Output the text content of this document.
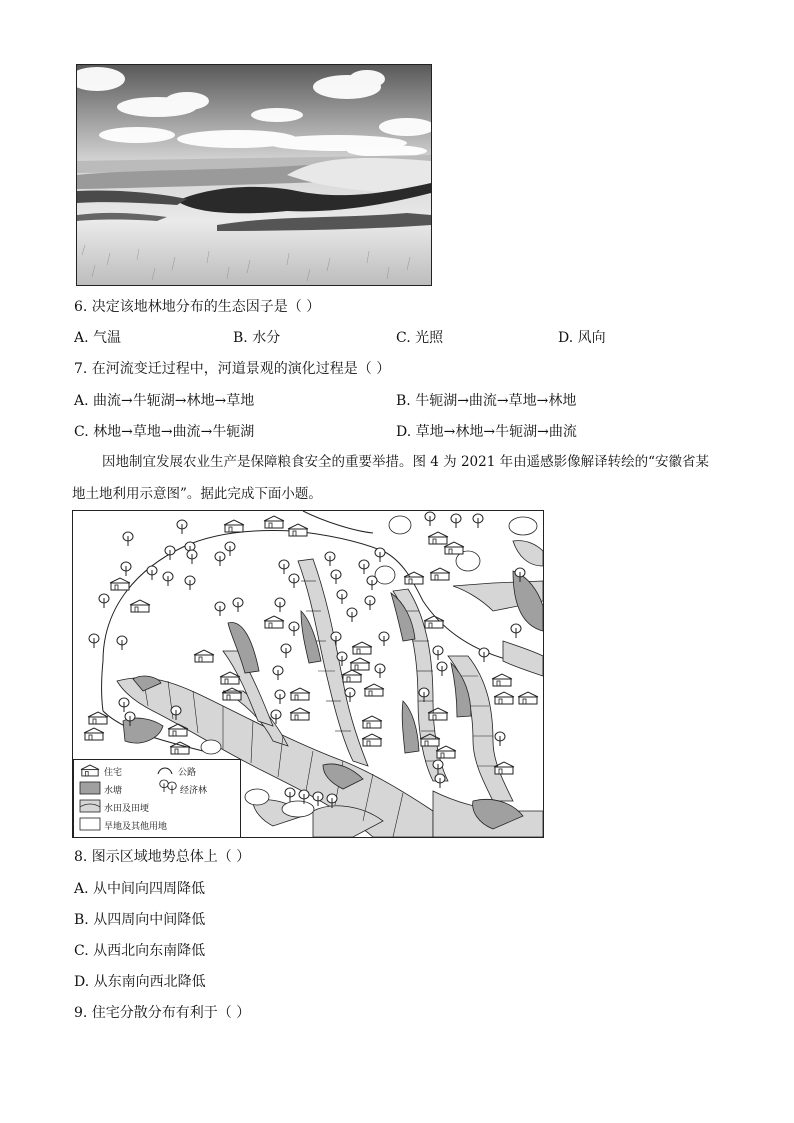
6. 决定该地林地分布的生态因子是（ ）
A. 气温	B. 水分	C. 光照	D. 风向
7. 在河流变迁过程中，河道景观的演化过程是（ ）
A. 曲流→牛轭湖→林地→草地	B. 牛轭湖→曲流→草地→林地
C. 林地→草地→曲流→牛轭湖	D. 草地→林地→牛轭湖→曲流
因地制宜发展农业生产是保障粮食安全的重要举措。图 4 为 2021 年由遥感影像解译转绘的“安徽省某
地土地利用示意图”。据此完成下面小题。
住宅	公路
水塘	经济林
水田及田埂
旱地及其他用地
8. 图示区域地势总体上（ ）
A. 从中间向四周降低
B. 从四周向中间降低
C. 从西北向东南降低
D. 从东南向西北降低
9. 住宅分散分布有利于（ ）
